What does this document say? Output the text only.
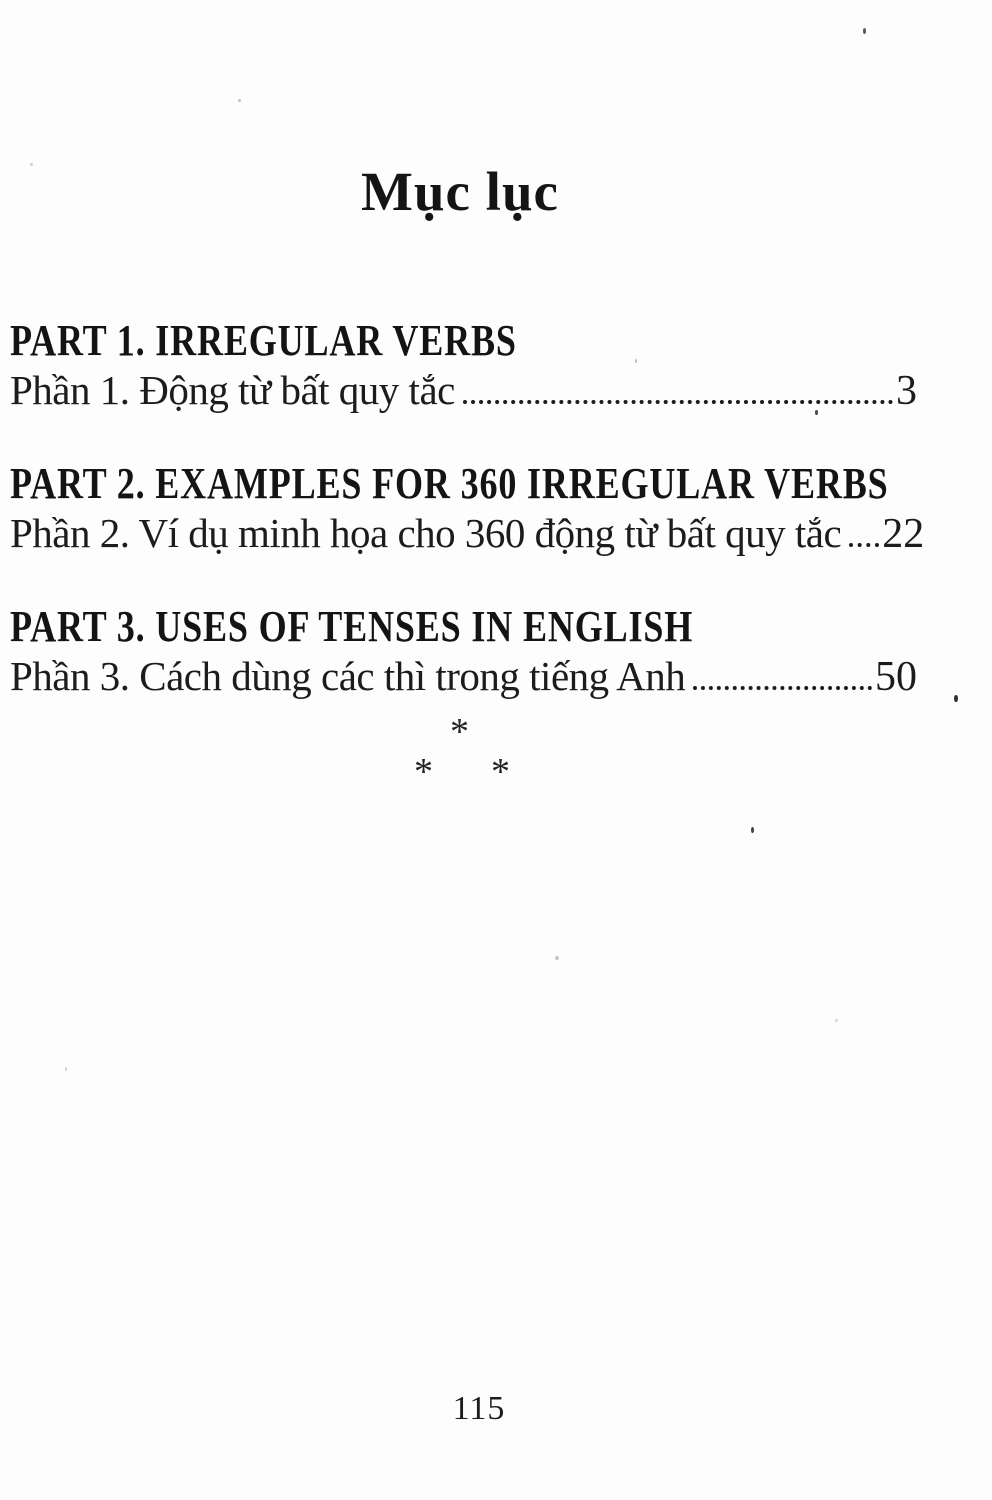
Mục lục
PART 1. IRREGULAR VERBS
Phần 1. Động từ bất quy tắc	3
PART 2. EXAMPLES FOR 360 IRREGULAR VERBS
Phần 2. Ví dụ minh họa cho 360 động từ bất quy tắc 22
PART 3. USES OF TENSES IN ENGLISH
Phần 3. Cách dùng các thì trong tiếng Anh	50
*
* *
115
